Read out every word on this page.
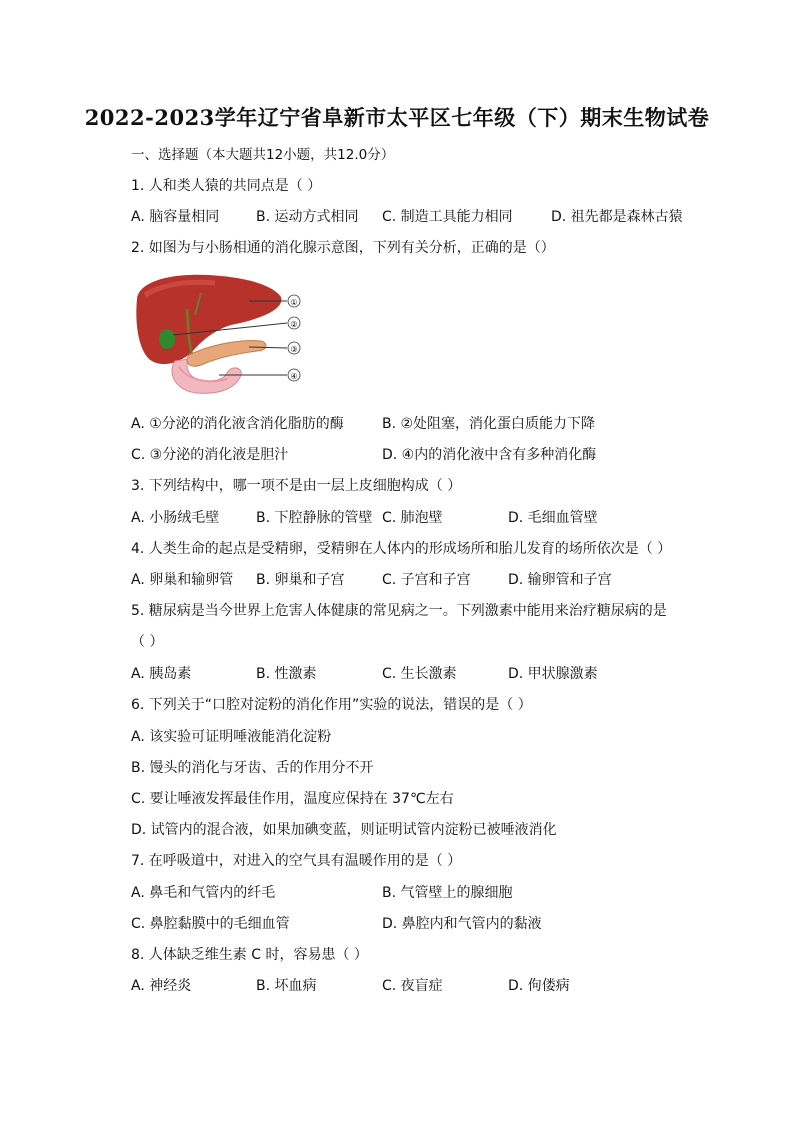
2022-2023学年辽宁省阜新市太平区七年级（下）期末生物试卷
一、选择题（本大题共12小题，共12.0分）
1. 人和类人猿的共同点是（ ）
A. 脑容量相同	B. 运动方式相同 C. 制造工具能力相同	D. 祖先都是森林古猿
2. 如图为与小肠相通的消化腺示意图，下列有关分析，正确的是（）
①
②
③
④
A. ①分泌的消化液含消化脂肪的酶	B. ②处阻塞，消化蛋白质能力下降
C. ③分泌的消化液是胆汁	D. ④内的消化液中含有多种消化酶
3. 下列结构中，哪一项不是由一层上皮细胞构成（ ）
A. 小肠绒毛壁	B. 下腔静脉的管壁 C. 肺泡壁	D. 毛细血管壁
4. 人类生命的起点是受精卵，受精卵在人体内的形成场所和胎儿发育的场所依次是（ ）
A. 卵巢和输卵管 B. 卵巢和子宫	C. 子宫和子宫	D. 输卵管和子宫
5. 糖尿病是当今世界上危害人体健康的常见病之一。下列激素中能用来治疗糖尿病的是
（ ）
A. 胰岛素	B. 性激素	C. 生长激素	D. 甲状腺激素
6. 下列关于“口腔对淀粉的消化作用”实验的说法，错误的是（ ）
A. 该实验可证明唾液能消化淀粉
B. 馒头的消化与牙齿、舌的作用分不开
C. 要让唾液发挥最佳作用，温度应保持在 37℃左右
D. 试管内的混合液，如果加碘变蓝，则证明试管内淀粉已被唾液消化
7. 在呼吸道中，对进入的空气具有温暖作用的是（ ）
A. 鼻毛和气管内的纤毛	B. 气管壁上的腺细胞
C. 鼻腔黏膜中的毛细血管	D. 鼻腔内和气管内的黏液
8. 人体缺乏维生素 C 时，容易患（ ）
A. 神经炎	B. 坏血病	C. 夜盲症	D. 佝偻病
